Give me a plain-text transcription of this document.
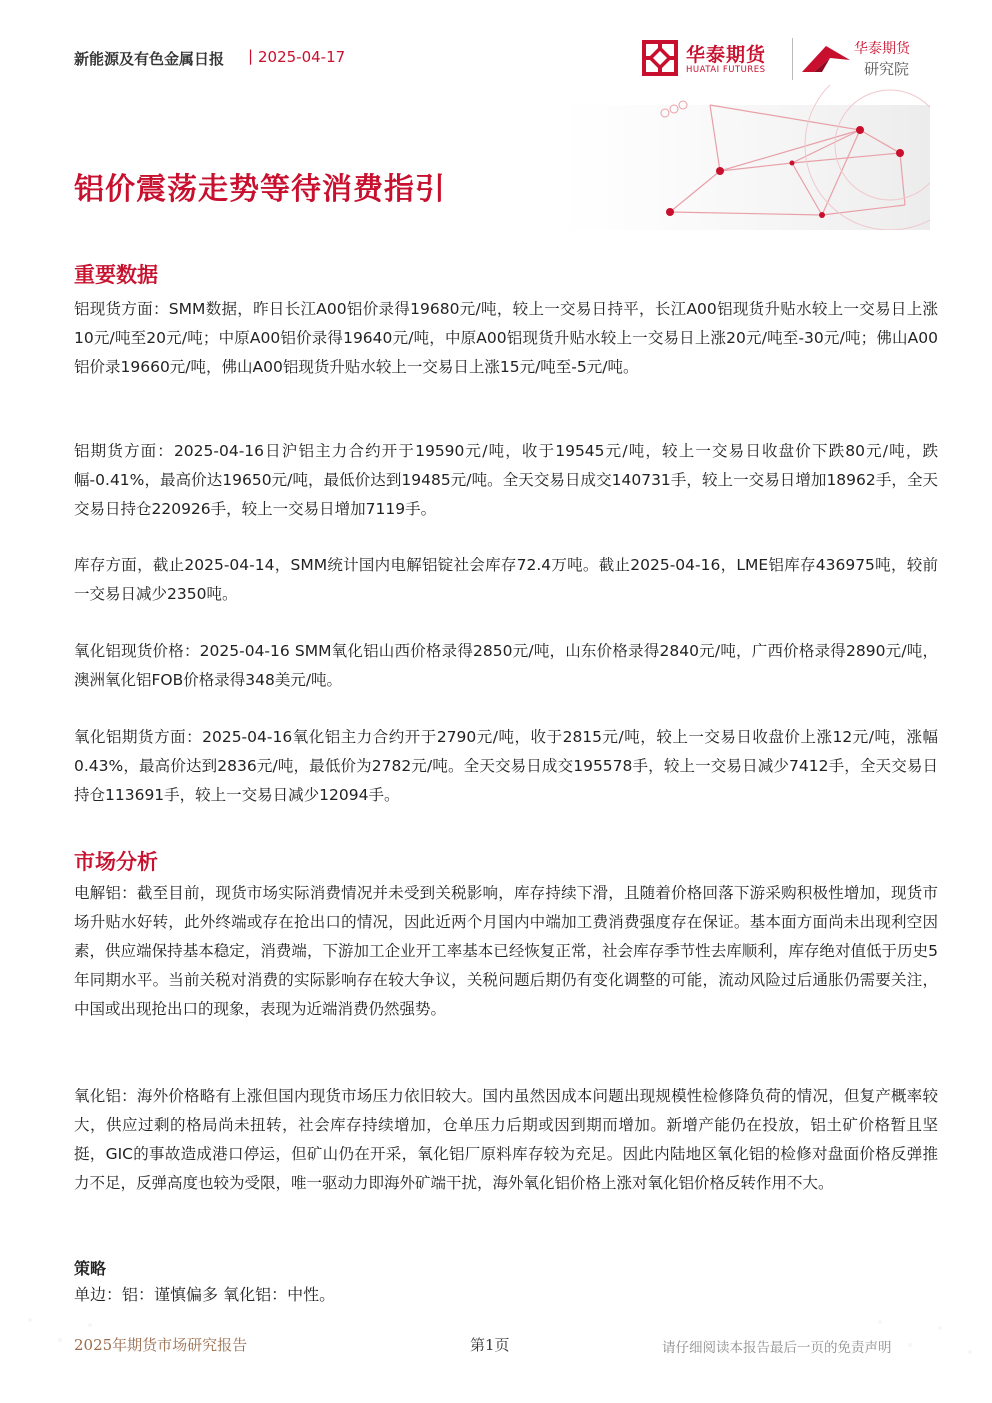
新能源及有色金属日报 | 2025-04-17	华泰期货
HUATAI FUTURES
华泰期货
研究院
铝价震荡走势等待消费指引
重要数据

铝现货方面：SMM数据，昨日长江A00铝价录得19680元/吨，较上一交易日持平，长江A00铝现货升贴水较上一交易日上涨10元/吨至20元/吨；中原A00铝价录得19640元/吨，中原A00铝现货升贴水较上一交易日上涨20元/吨至-30元/吨；佛山A00铝价录19660元/吨，佛山A00铝现货升贴水较上一交易日上涨15元/吨至-5元/吨。

铝期货方面：2025-04-16日沪铝主力合约开于19590元/吨，收于19545元/吨，较上一交易日收盘价下跌80元/吨，跌幅-0.41%，最高价达19650元/吨，最低价达到19485元/吨。全天交易日成交140731手，较上一交易日增加18962手，全天交易日持仓220926手，较上一交易日增加7119手。

库存方面，截止2025-04-14，SMM统计国内电解铝锭社会库存72.4万吨。截止2025-04-16，LME铝库存436975吨，较前一交易日减少2350吨。

氧化铝现货价格：2025-04-16 SMM氧化铝山西价格录得2850元/吨，山东价格录得2840元/吨，广西价格录得2890元/吨，澳洲氧化铝FOB价格录得348美元/吨。

氧化铝期货方面：2025-04-16氧化铝主力合约开于2790元/吨，收于2815元/吨，较上一交易日收盘价上涨12元/吨，涨幅0.43%，最高价达到2836元/吨，最低价为2782元/吨。全天交易日成交195578手，较上一交易日减少7412手，全天交易日持仓113691手，较上一交易日减少12094手。

市场分析

电解铝：截至目前，现货市场实际消费情况并未受到关税影响，库存持续下滑，且随着价格回落下游采购积极性增加，现货市场升贴水好转，此外终端或存在抢出口的情况，因此近两个月国内中端加工费消费强度存在保证。基本面方面尚未出现利空因素，供应端保持基本稳定，消费端，下游加工企业开工率基本已经恢复正常，社会库存季节性去库顺利，库存绝对值低于历史5年同期水平。当前关税对消费的实际影响存在较大争议，关税问题后期仍有变化调整的可能，流动风险过后通胀仍需要关注，中国或出现抢出口的现象，表现为近端消费仍然强势。

氧化铝：海外价格略有上涨但国内现货市场压力依旧较大。国内虽然因成本问题出现规模性检修降负荷的情况，但复产概率较大，供应过剩的格局尚未扭转，社会库存持续增加，仓单压力后期或因到期而增加。新增产能仍在投放，铝土矿价格暂且坚挺，GIC的事故造成港口停运，但矿山仍在开采，氧化铝厂原料库存较为充足。因此内陆地区氧化铝的检修对盘面价格反弹推力不足，反弹高度也较为受限，唯一驱动力即海外矿端干扰，海外氧化铝价格上涨对氧化铝价格反转作用不大。

策略
单边：铝：谨慎偏多 氧化铝：中性。
2025年期货市场研究报告	第1页	请仔细阅读本报告最后一页的免责声明
